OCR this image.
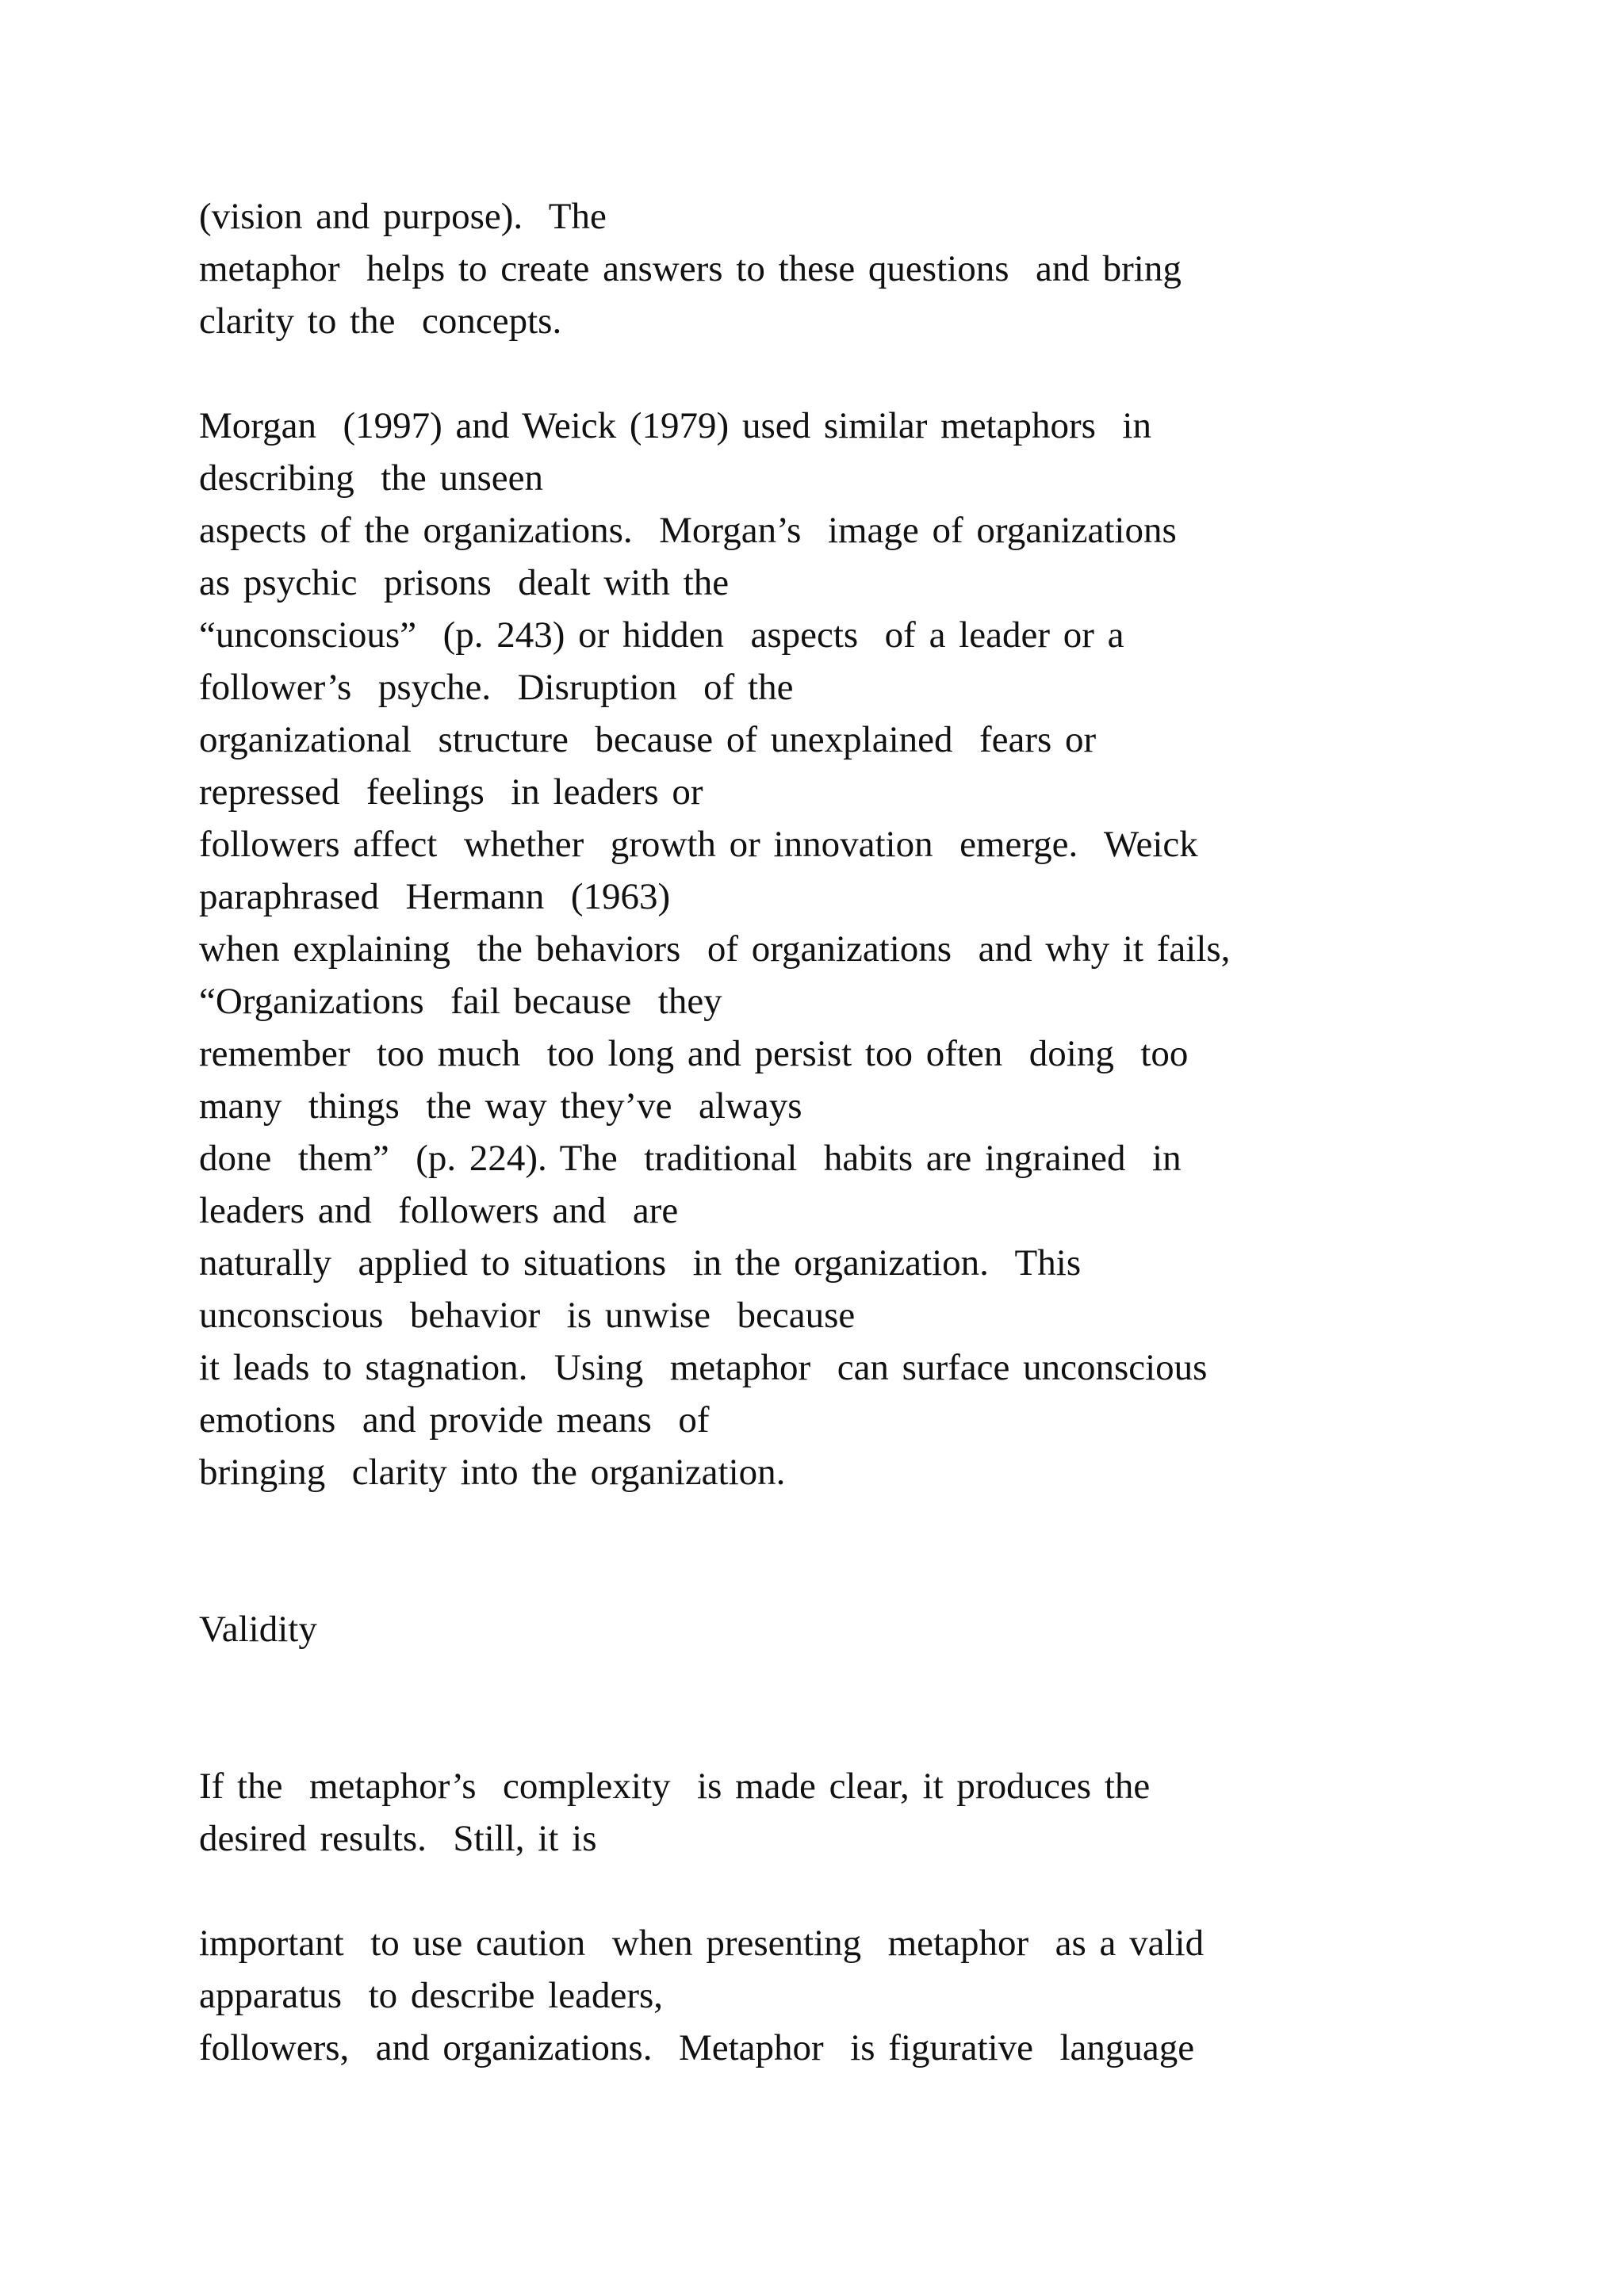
(vision and purpose).  The
metaphor  helps to create answers to these questions  and bring
clarity to the  concepts.
Morgan  (1997) and Weick (1979) used similar metaphors  in
describing  the unseen
aspects of the organizations.  Morgan’s  image of organizations
as psychic  prisons  dealt with the
“unconscious”  (p. 243) or hidden  aspects  of a leader or a
follower’s  psyche.  Disruption  of the
organizational  structure  because of unexplained  fears or
repressed  feelings  in leaders or
followers affect  whether  growth or innovation  emerge.  Weick
paraphrased  Hermann  (1963)
when explaining  the behaviors  of organizations  and why it fails,
“Organizations  fail because  they
remember  too much  too long and persist too often  doing  too
many  things  the way they’ve  always
done  them”  (p. 224). The  traditional  habits are ingrained  in
leaders and  followers and  are
naturally  applied to situations  in the organization.  This
unconscious  behavior  is unwise  because
it leads to stagnation.  Using  metaphor  can surface unconscious
emotions  and provide means  of
bringing  clarity into the organization.
Validity
If the  metaphor’s  complexity  is made clear, it produces the
desired results.  Still, it is
important  to use caution  when presenting  metaphor  as a valid
apparatus  to describe leaders,
followers,  and organizations.  Metaphor  is figurative  language
